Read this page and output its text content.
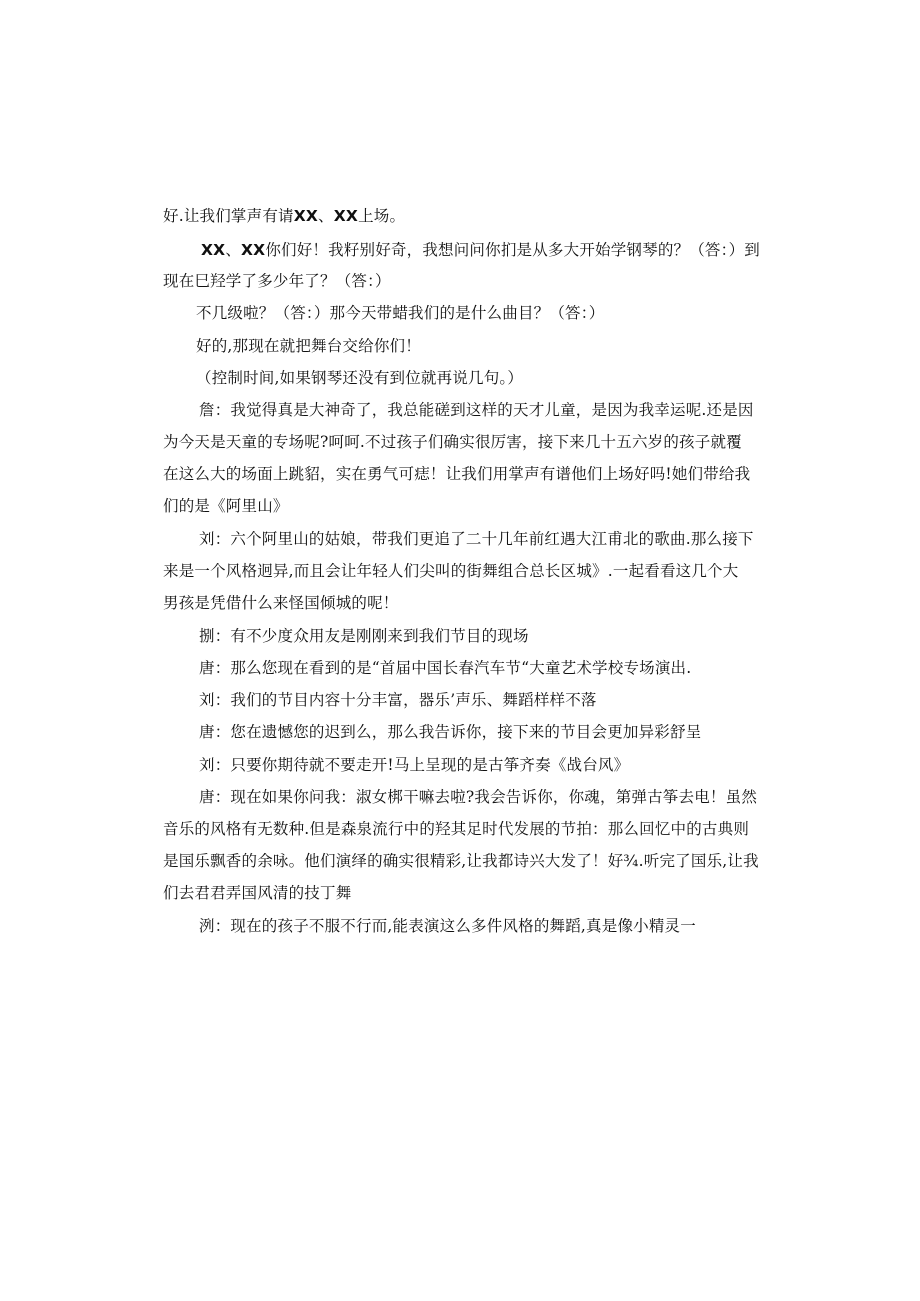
好.让我们掌声有请XX、XX上场。
XX、XX你们好！我籽别好奇，我想问问你扪是从多大开始学钢琴的？（答：）到
现在巳羟学了多少年了？（答：）
不几级啦？（答：）那今天带蜡我们的是什么曲目？（答：）
好的,那现在就把舞台交给你们！
（控制时间,如果钢琴还没有到位就再说几句。）
詹：我觉得真是大神奇了，我总能磋到这样的天才儿童，是因为我幸运呢.还是因
为今天是天童的专场呢?呵呵.不过孩子们确实很厉害，接下来几十五六岁的孩子就覆
在这么大的场面上跳貂，实在勇气可痣！让我们用掌声有谱他们上场好吗!她们带给我
们的是《阿里山》
刘：六个阿里山的姑娘，带我们更追了二十几年前红遇大江甫北的歌曲.那么接下
来是一个风格迥异,而且会让年轻人们尖叫的街舞组合总长区城》.一起看看这几个大
男孩是凭借什么来怪国倾城的呢！
捌：有不少度众用友是刚刚来到我们节目的现场
唐：那么您现在看到的是“首届中国长春汽车节“大童艺术学校专场演出.
刘：我们的节目内容十分丰富，器乐’声乐、舞蹈样样不落
唐：您在遗憾您的迟到么，那么我告诉你，接下来的节目会更加异彩舒呈
刘：只要你期待就不要走开!马上呈现的是古筝齐奏《战台风》
唐：现在如果你问我：淑女梆干嘛去啦?我会告诉你，你魂，第弹古筝去电！虽然
音乐的风格有无数种.但是森泉流行中的羟其足时代发展的节拍：那么回忆中的古典则
是国乐飘香的余咏。他们演绎的确实很精彩,让我都诗兴大发了！好¾.听完了国乐,让我
们去君君弄国风清的技丁舞
洌：现在的孩子不服不行而,能表演这么多件风格的舞蹈,真是像小精灵一
